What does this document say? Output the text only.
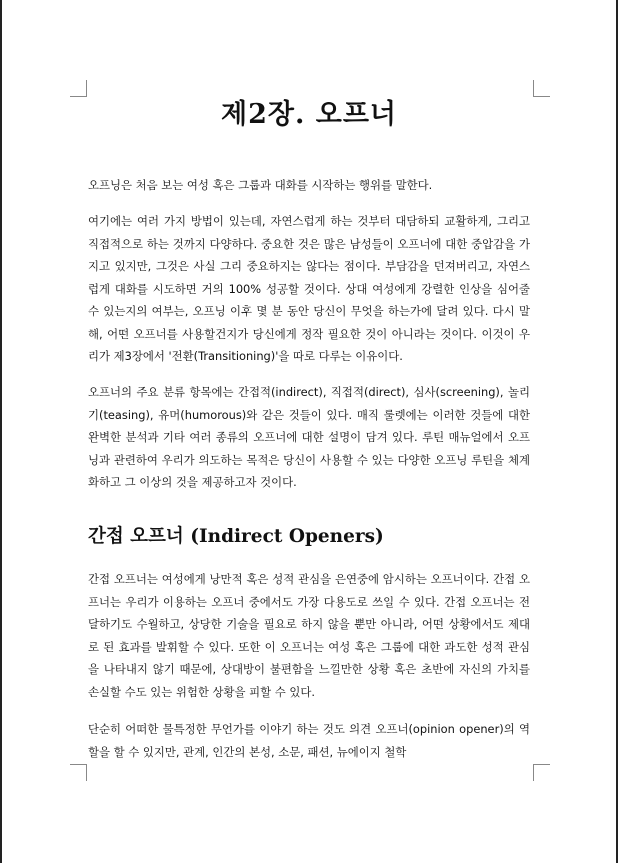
제2장. 오프너

오프닝은 처음 보는 여성 혹은 그룹과 대화를 시작하는 행위를 말한다.

여기에는 여러 가지 방법이 있는데, 자연스럽게 하는 것부터 대담하되 교활하게, 그리고 직접적으로 하는 것까지 다양하다. 중요한 것은 많은 남성들이 오프너에 대한 중압감을 가지고 있지만, 그것은 사실 그리 중요하지는 않다는 점이다. 부담감을 던져버리고, 자연스럽게 대화를 시도하면 거의 100% 성공할 것이다. 상대 여성에게 강렬한 인상을 심어줄 수 있는지의 여부는, 오프닝 이후 몇 분 동안 당신이 무엇을 하는가에 달려 있다. 다시 말해, 어떤 오프너를 사용할건지가 당신에게 정작 필요한 것이 아니라는 것이다. 이것이 우리가 제3장에서 '전환(Transitioning)'을 따로 다루는 이유이다.

오프너의 주요 분류 항목에는 간접적(indirect), 직접적(direct), 심사(screening), 놀리기(teasing), 유머(humorous)와 같은 것들이 있다. 매직 룰렛에는 이러한 것들에 대한 완벽한 분석과 기타 여러 종류의 오프너에 대한 설명이 담겨 있다. 루틴 매뉴얼에서 오프닝과 관련하여 우리가 의도하는 목적은 당신이 사용할 수 있는 다양한 오프닝 루틴을 체계화하고 그 이상의 것을 제공하고자 것이다.

간접 오프너 (Indirect Openers)

간접 오프너는 여성에게 낭만적 혹은 성적 관심을 은연중에 암시하는 오프너이다. 간접 오프너는 우리가 이용하는 오프너 중에서도 가장 다용도로 쓰일 수 있다. 간접 오프너는 전달하기도 수월하고, 상당한 기술을 필요로 하지 않을 뿐만 아니라, 어떤 상황에서도 제대로 된 효과를 발휘할 수 있다. 또한 이 오프너는 여성 혹은 그룹에 대한 과도한 성적 관심을 나타내지 않기 때문에, 상대방이 불편함을 느낄만한 상황 혹은 초반에 자신의 가치를 손실할 수도 있는 위험한 상황을 피할 수 있다.

단순히 어떠한 물특정한 무언가를 이야기 하는 것도 의견 오프너(opinion opener)의 역할을 할 수 있지만, 관계, 인간의 본성, 소문, 패션, 뉴에이지 철학
